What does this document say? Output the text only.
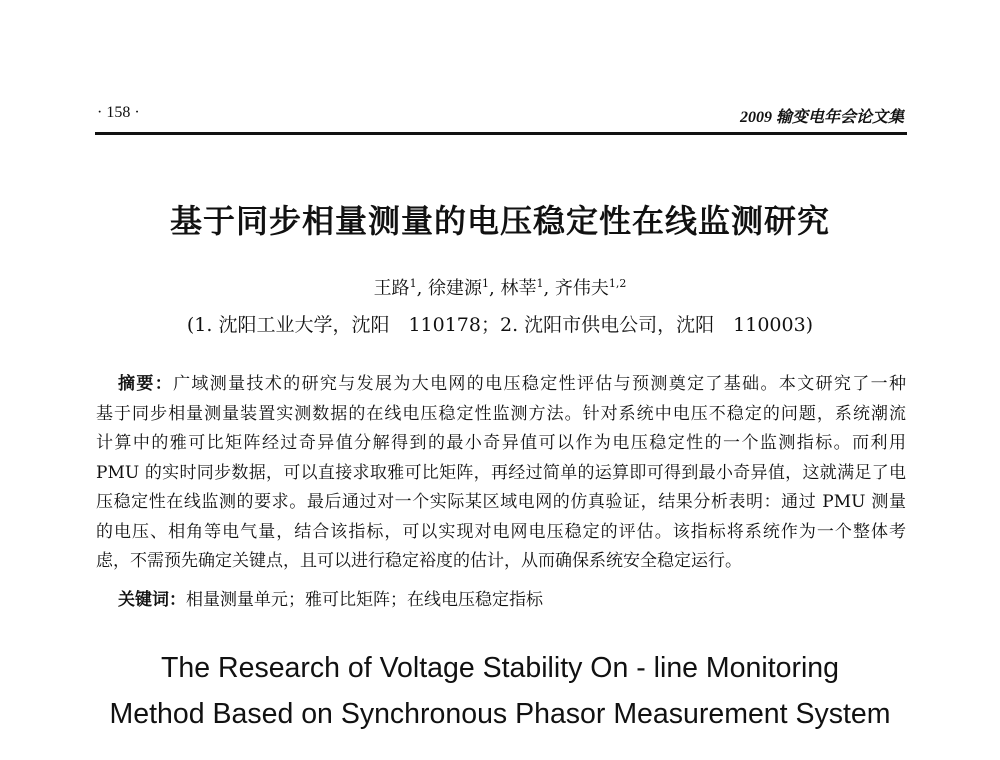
· 158 ·	2009 输变电年会论文集
基于同步相量测量的电压稳定性在线监测研究
王路$^1$, 徐建源$^1$, 林莘$^1$, 齐伟夫$^{1,2}$
(1. 沈阳工业大学，沈阳　110178；2. 沈阳市供电公司，沈阳　110003)
摘要：广域测量技术的研究与发展为大电网的电压稳定性评估与预测奠定了基础。本文研究了一种
基于同步相量测量装置实测数据的在线电压稳定性监测方法。针对系统中电压不稳定的问题，系统潮流
计算中的雅可比矩阵经过奇异值分解得到的最小奇异值可以作为电压稳定性的一个监测指标。而利用
PMU 的实时同步数据，可以直接求取雅可比矩阵，再经过简单的运算即可得到最小奇异值，这就满足了电
压稳定性在线监测的要求。最后通过对一个实际某区域电网的仿真验证，结果分析表明：通过 PMU 测量
的电压、相角等电气量，结合该指标，可以实现对电网电压稳定的评估。该指标将系统作为一个整体考
虑，不需预先确定关键点，且可以进行稳定裕度的估计，从而确保系统安全稳定运行。
关键词：相量测量单元；雅可比矩阵；在线电压稳定指标
The Research of Voltage Stability On - line Monitoring
Method Based on Synchronous Phasor Measurement System
